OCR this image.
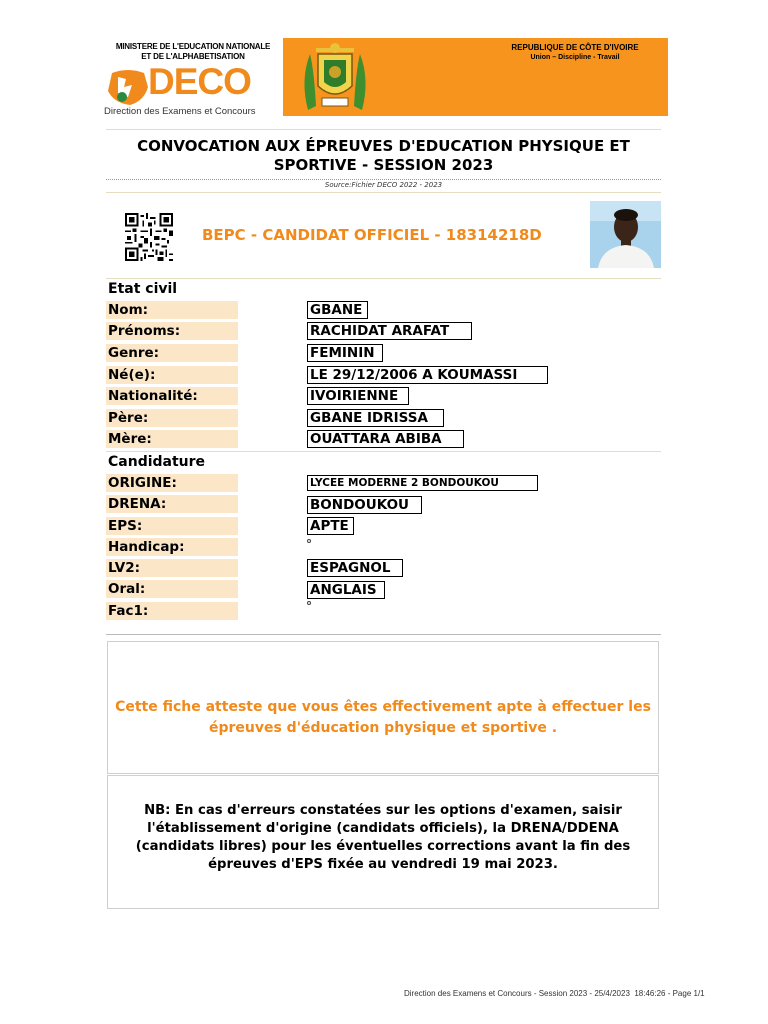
MINISTERE DE L'EDUCATION NATIONALE
ET DE L'ALPHABETISATION
DECO
Direction des Examens et Concours
REPUBLIQUE DE CÔTE D'IVOIRE
Union – Discipline - Travail
CONVOCATION AUX ÉPREUVES D'EDUCATION PHYSIQUE ET SPORTIVE - SESSION 2023
Source:Fichier DECO 2022 - 2023
BEPC - CANDIDAT OFFICIEL - 18314218D
Etat civil
Nom:	GBANE
Prénoms:	RACHIDAT ARAFAT
Genre:	FEMININ
Né(e):	LE 29/12/2006 A KOUMASSI
Nationalité:	IVOIRIENNE
Père:	GBANE IDRISSA
Mère:	OUATTARA ABIBA
Candidature
ORIGINE:	LYCEE MODERNE 2 BONDOUKOU
DRENA:	BONDOUKOU
EPS:	APTE
Handicap:
LV2:	ESPAGNOL
Oral:	ANGLAIS
Fac1:
Cette fiche atteste que vous êtes effectivement apte à effectuer les épreuves d'éducation physique et sportive .
NB: En cas d'erreurs constatées sur les options d'examen, saisir l'établissement d'origine (candidats officiels), la DRENA/DDENA (candidats libres) pour les éventuelles corrections avant la fin des épreuves d'EPS fixée au vendredi 19 mai 2023.
Direction des Examens et Concours - Session 2023 - 25/4/2023  18:46:26 - Page 1/1
